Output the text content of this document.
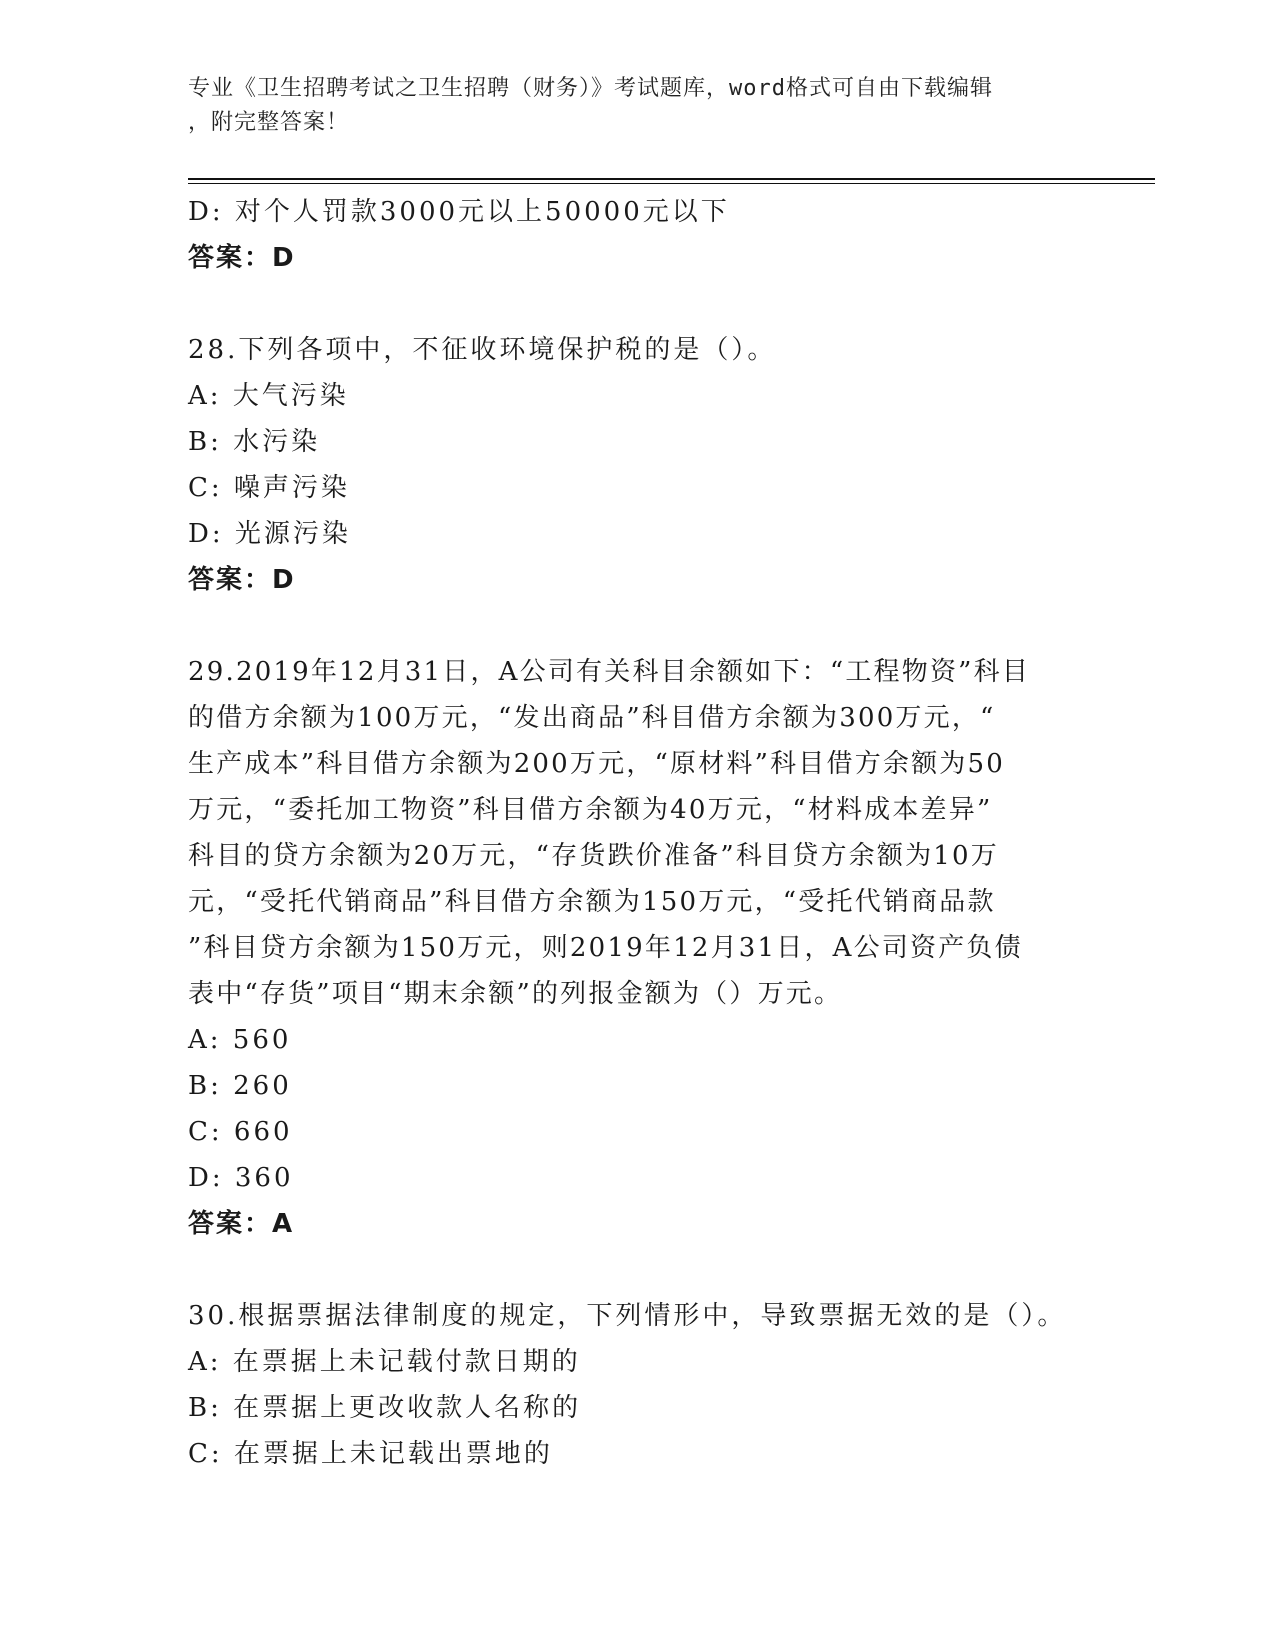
专业《卫生招聘考试之卫生招聘（财务）》考试题库，word格式可自由下载编辑
，附完整答案！
D: 对个人罚款3000元以上50000元以下
答案：D
28.下列各项中，不征收环境保护税的是（）。
A: 大气污染
B: 水污染
C: 噪声污染
D: 光源污染
答案：D
29.2019年12月31日，A公司有关科目余额如下：“工程物资”科目
的借方余额为100万元，“发出商品”科目借方余额为300万元，“
生产成本”科目借方余额为200万元，“原材料”科目借方余额为50
万元，“委托加工物资”科目借方余额为40万元，“材料成本差异”
科目的贷方余额为20万元，“存货跌价准备”科目贷方余额为10万
元，“受托代销商品”科目借方余额为150万元，“受托代销商品款
”科目贷方余额为150万元，则2019年12月31日，A公司资产负债
表中“存货”项目“期末余额”的列报金额为（）万元。
A: 560
B: 260
C: 660
D: 360
答案：A
30.根据票据法律制度的规定，下列情形中，导致票据无效的是（）。
A: 在票据上未记载付款日期的
B: 在票据上更改收款人名称的
C: 在票据上未记载出票地的
